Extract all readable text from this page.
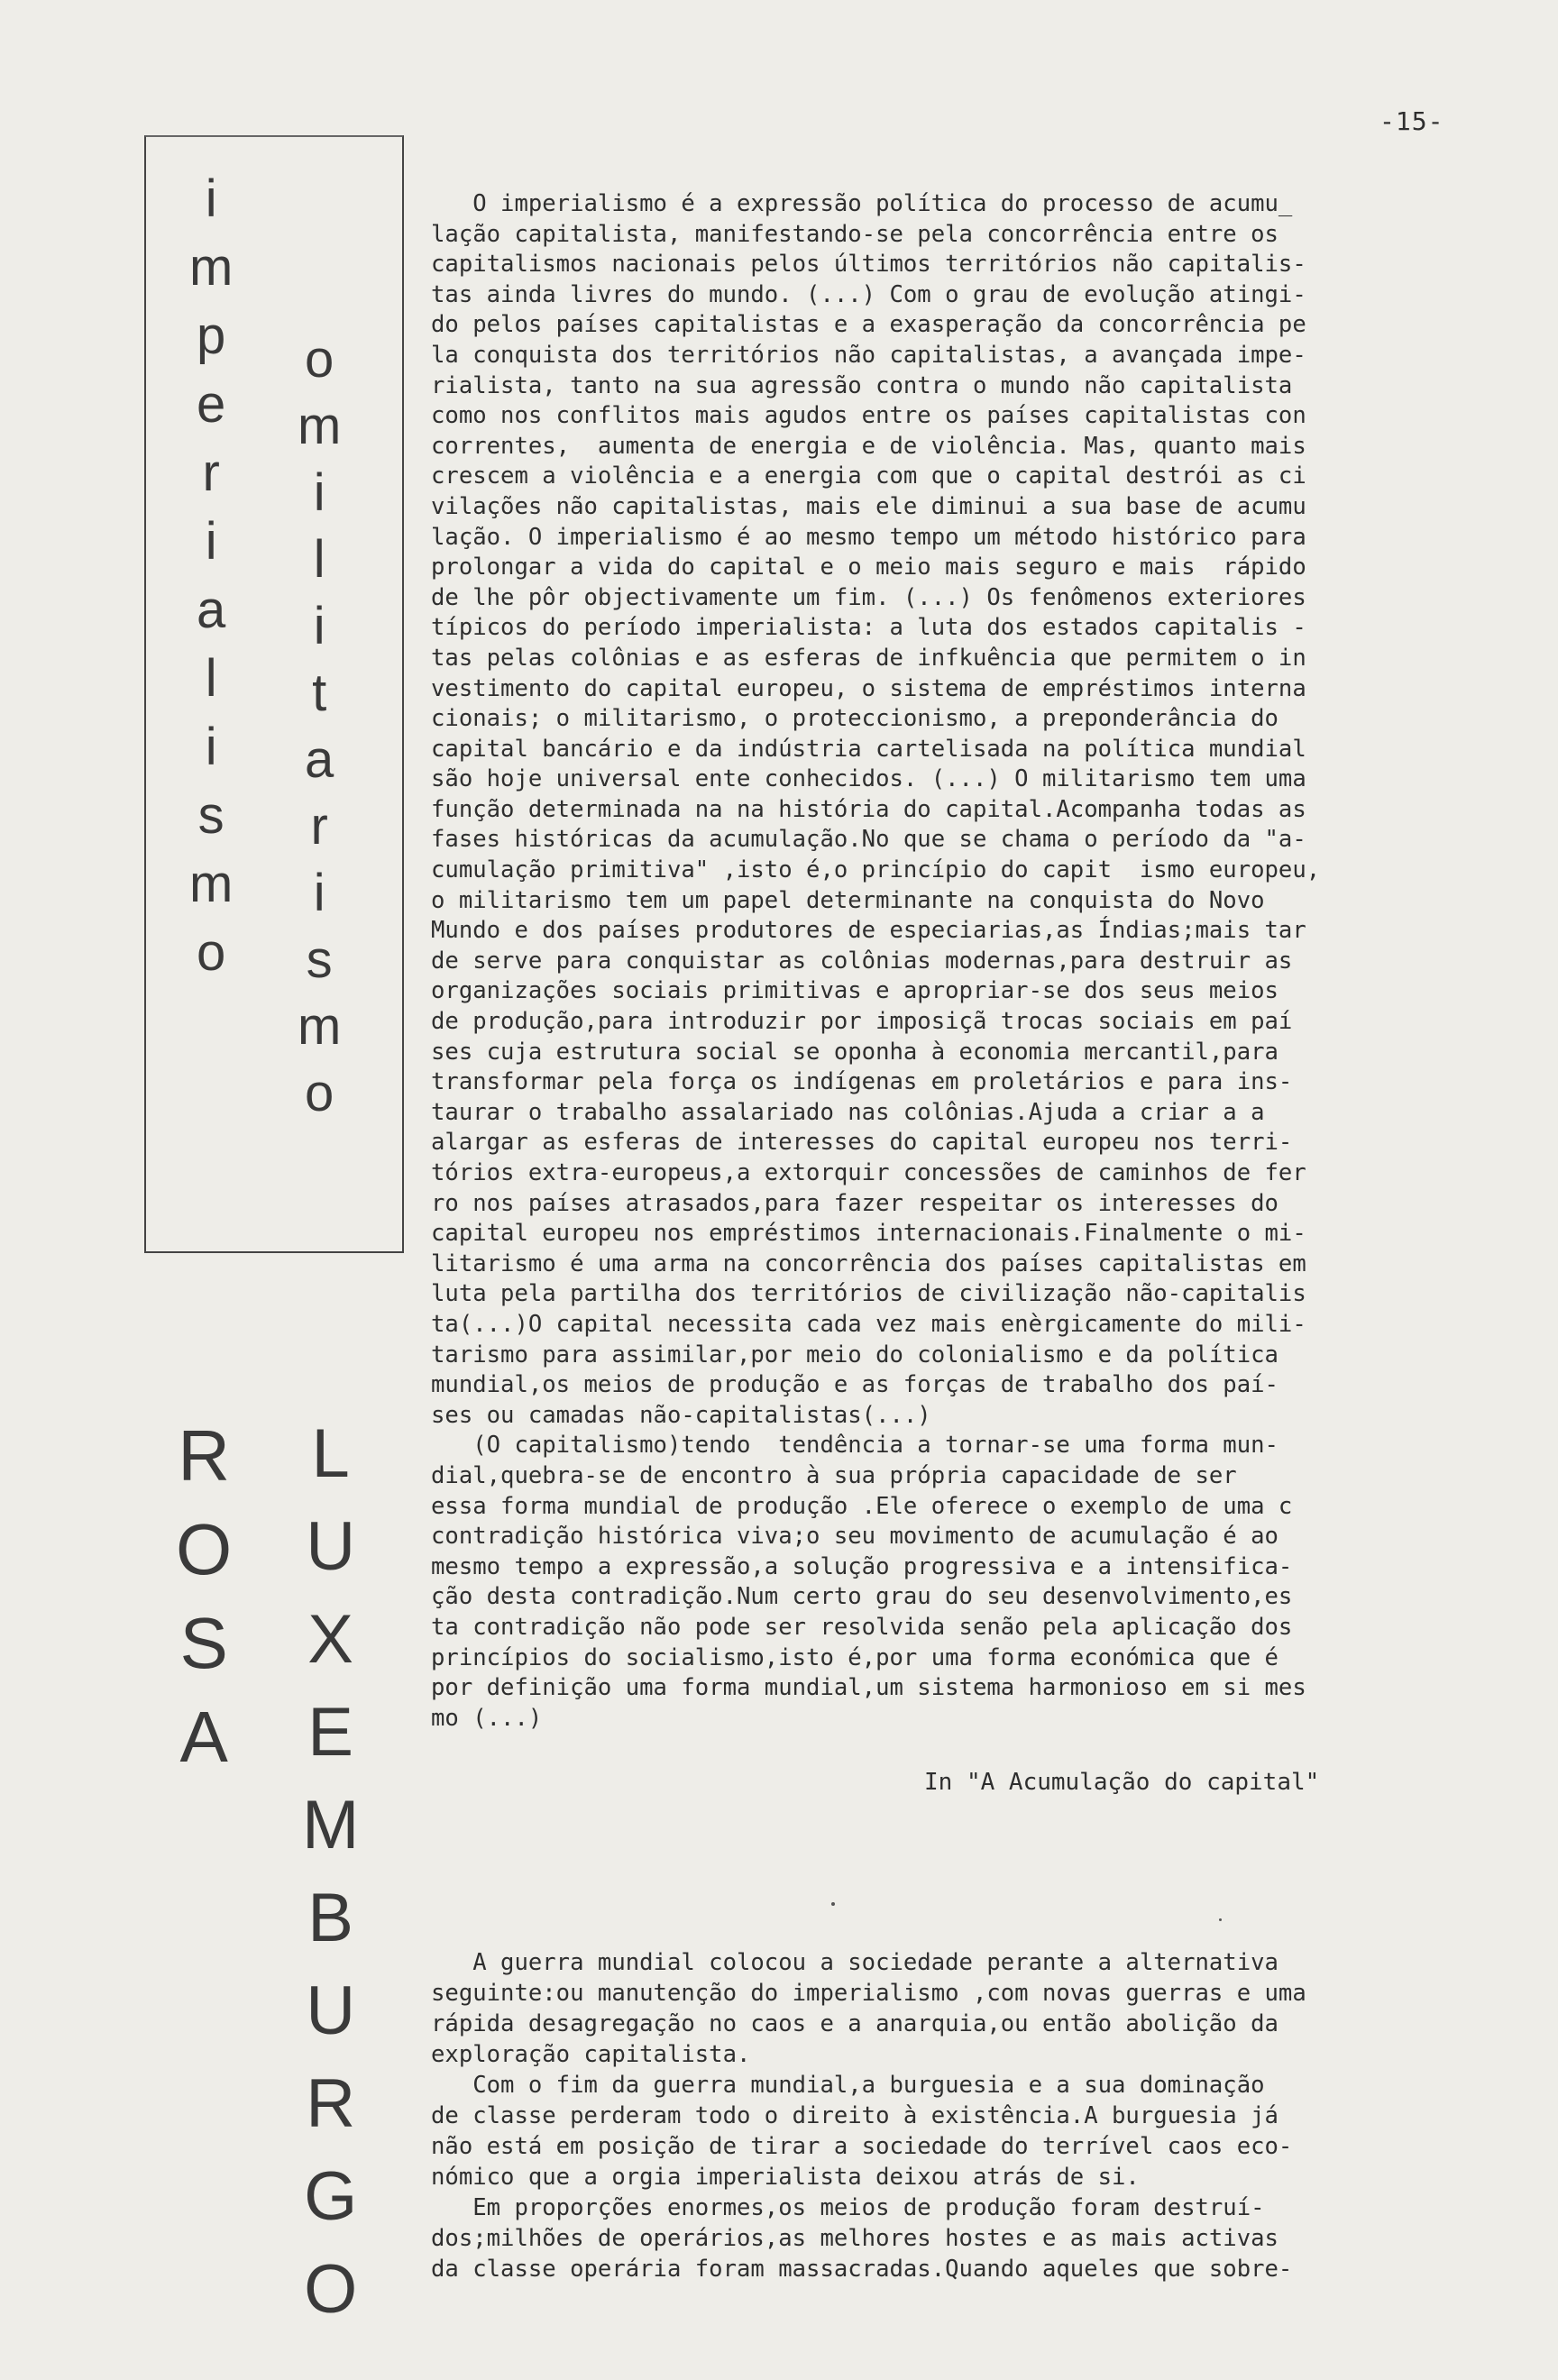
-15-
i
m
p
e
r
i
a
l
i
s
m
o
o
m
i
l
i
t
a
r
i
s
m
o
R
O
S
A
L
U
X
E
M
B
U
R
G
O
O imperialismo é a expressão política do processo de acumu_
lação capitalista, manifestando-se pela concorrência entre os
capitalismos nacionais pelos últimos territórios não capitalis-
tas ainda livres do mundo. (...) Com o grau de evolução atingi-
do pelos países capitalistas e a exasperação da concorrência pe
la conquista dos territórios não capitalistas, a avançada impe-
rialista, tanto na sua agressão contra o mundo não capitalista
como nos conflitos mais agudos entre os países capitalistas con
correntes,  aumenta de energia e de violência. Mas, quanto mais
crescem a violência e a energia com que o capital destrói as ci
vilações não capitalistas, mais ele diminui a sua base de acumu
lação. O imperialismo é ao mesmo tempo um método histórico para
prolongar a vida do capital e o meio mais seguro e mais  rápido
de lhe pôr objectivamente um fim. (...) Os fenômenos exteriores
típicos do período imperialista: a luta dos estados capitalis -
tas pelas colônias e as esferas de infkuência que permitem o in
vestimento do capital europeu, o sistema de empréstimos interna
cionais; o militarismo, o proteccionismo, a preponderância do
capital bancário e da indústria cartelisada na política mundial
são hoje universal ente conhecidos. (...) O militarismo tem uma
função determinada na na história do capital.Acompanha todas as
fases históricas da acumulação.No que se chama o período da "a-
cumulação primitiva" ,isto é,o princípio do capit  ismo europeu,
o militarismo tem um papel determinante na conquista do Novo
Mundo e dos países produtores de especiarias,as Índias;mais tar
de serve para conquistar as colônias modernas,para destruir as
organizações sociais primitivas e apropriar-se dos seus meios
de produção,para introduzir por imposiçã trocas sociais em paí
ses cuja estrutura social se oponha à economia mercantil,para
transformar pela força os indígenas em proletários e para ins-
taurar o trabalho assalariado nas colônias.Ajuda a criar a a
alargar as esferas de interesses do capital europeu nos terri-
tórios extra-europeus,a extorquir concessões de caminhos de fer
ro nos países atrasados,para fazer respeitar os interesses do
capital europeu nos empréstimos internacionais.Finalmente o mi-
litarismo é uma arma na concorrência dos países capitalistas em
luta pela partilha dos territórios de civilização não-capitalis
ta(...)O capital necessita cada vez mais enèrgicamente do mili-
tarismo para assimilar,por meio do colonialismo e da política
mundial,os meios de produção e as forças de trabalho dos paí-
ses ou camadas não-capitalistas(...)
(O capitalismo)tendo  tendência a tornar-se uma forma mun-
dial,quebra-se de encontro à sua própria capacidade de ser
essa forma mundial de produção .Ele oferece o exemplo de uma c
contradição histórica viva;o seu movimento de acumulação é ao
mesmo tempo a expressão,a solução progressiva e a intensifica-
ção desta contradição.Num certo grau do seu desenvolvimento,es
ta contradição não pode ser resolvida senão pela aplicação dos
princípios do socialismo,isto é,por uma forma económica que é
por definição uma forma mundial,um sistema harmonioso em si mes
mo (...)
In "A Acumulação do capital"
A guerra mundial colocou a sociedade perante a alternativa
seguinte:ou manutenção do imperialismo ,com novas guerras e uma
rápida desagregação no caos e a anarquia,ou então abolição da
exploração capitalista.
Com o fim da guerra mundial,a burguesia e a sua dominação
de classe perderam todo o direito à existência.A burguesia já
não está em posição de tirar a sociedade do terrível caos eco-
nómico que a orgia imperialista deixou atrás de si.
Em proporções enormes,os meios de produção foram destruí-
dos;milhões de operários,as melhores hostes e as mais activas
da classe operária foram massacradas.Quando aqueles que sobre-
